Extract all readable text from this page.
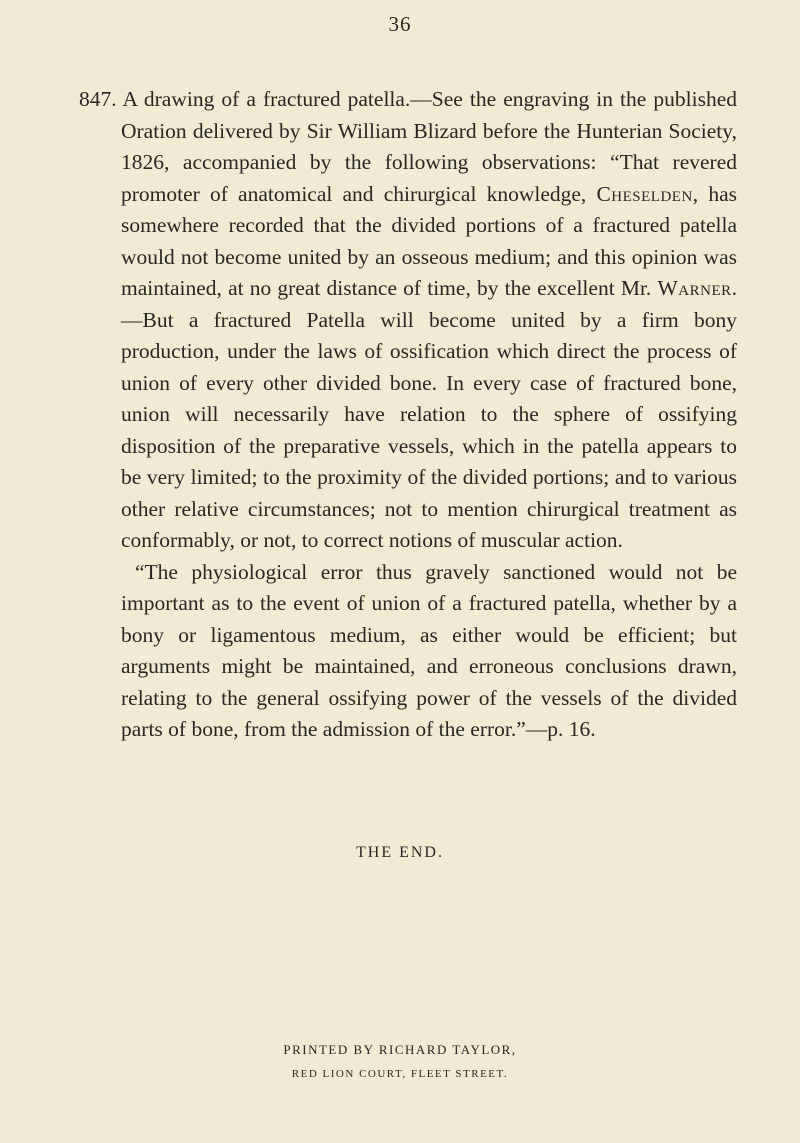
36

847. A drawing of a fractured patella.—See the engraving in the published Oration delivered by Sir William Blizard before the Hunterian Society, 1826, accompanied by the following observations: “That revered promoter of anatomical and chirurgical knowledge, Cheselden, has somewhere recorded that the divided portions of a fractured patella would not become united by an osseous medium; and this opinion was maintained, at no great distance of time, by the excellent Mr. Warner.—But a fractured Patella will become united by a firm bony production, under the laws of ossification which direct the process of union of every other divided bone. In every case of fractured bone, union will necessarily have relation to the sphere of ossifying disposition of the preparative vessels, which in the patella appears to be very limited; to the proximity of the divided portions; and to various other relative circumstances; not to mention chirurgical treatment as conformably, or not, to correct notions of muscular action.

“The physiological error thus gravely sanctioned would not be important as to the event of union of a fractured patella, whether by a bony or ligamentous medium, as either would be efficient; but arguments might be maintained, and erroneous conclusions drawn, relating to the general ossifying power of the vessels of the divided parts of bone, from the admission of the error.”—p. 16.

THE END.
PRINTED BY RICHARD TAYLOR,
RED LION COURT, FLEET STREET.
